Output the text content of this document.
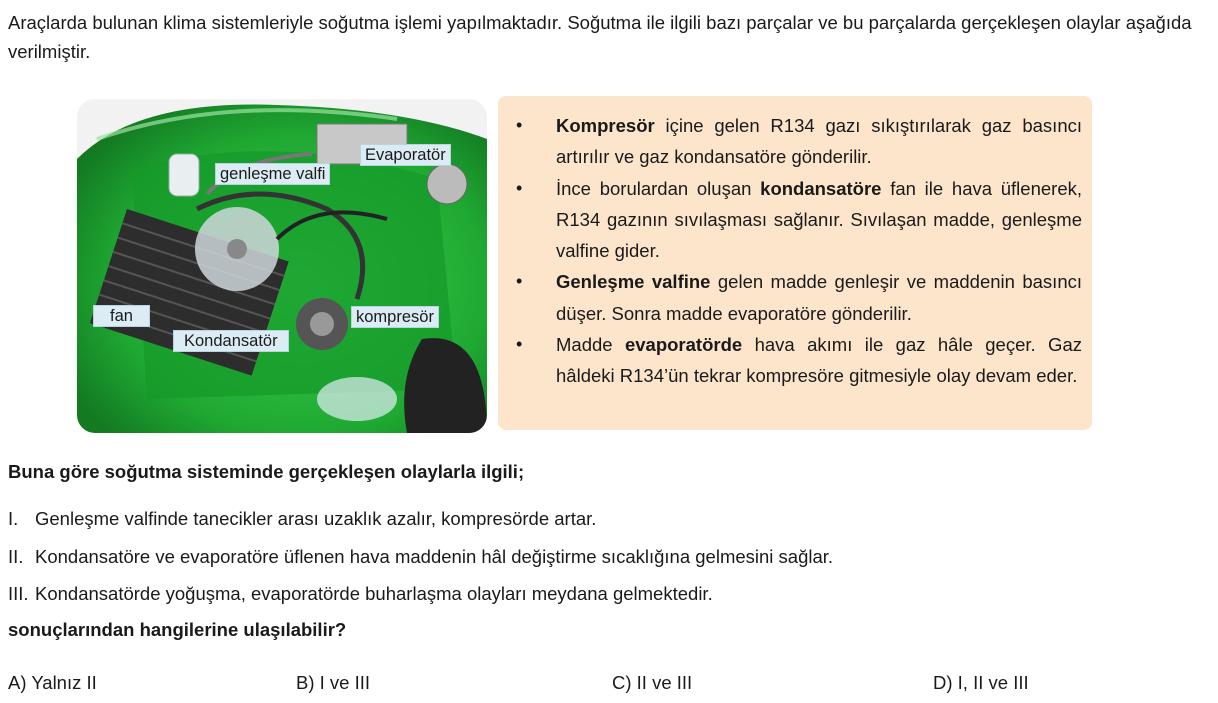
Araçlarda bulunan klima sistemleriyle soğutma işlemi yapılmaktadır. Soğutma ile ilgili bazı parçalar ve bu parçalarda gerçekleşen olaylar aşağıda verilmiştir.
Evaporatör
genleşme valfi
fan	kompresör
Kondansatör
• Kompresör içine gelen R134 gazı sıkıştırılarak gaz basıncı artırılır ve gaz kondansatöre gönderilir.
• İnce borulardan oluşan kondansatöre fan ile hava üflenerek, R134 gazının sıvılaşması sağlanır. Sıvılaşan madde, genleşme valfine gider.
• Genleşme valfine gelen madde genleşir ve maddenin basıncı düşer. Sonra madde evaporatöre gönderilir.
• Madde evaporatörde hava akımı ile gaz hâle geçer. Gaz hâldeki R134’ün tekrar kompresöre gitmesiyle olay devam eder.
Buna göre soğutma sisteminde gerçekleşen olaylarla ilgili;
I. Genleşme valfinde tanecikler arası uzaklık azalır, kompresörde artar.
II. Kondansatöre ve evaporatöre üflenen hava maddenin hâl değiştirme sıcaklığına gelmesini sağlar.
III. Kondansatörde yoğuşma, evaporatörde buharlaşma olayları meydana gelmektedir.
sonuçlarından hangilerine ulaşılabilir?
A) Yalnız II	B) I ve III	C) II ve III	D) I, II ve III
